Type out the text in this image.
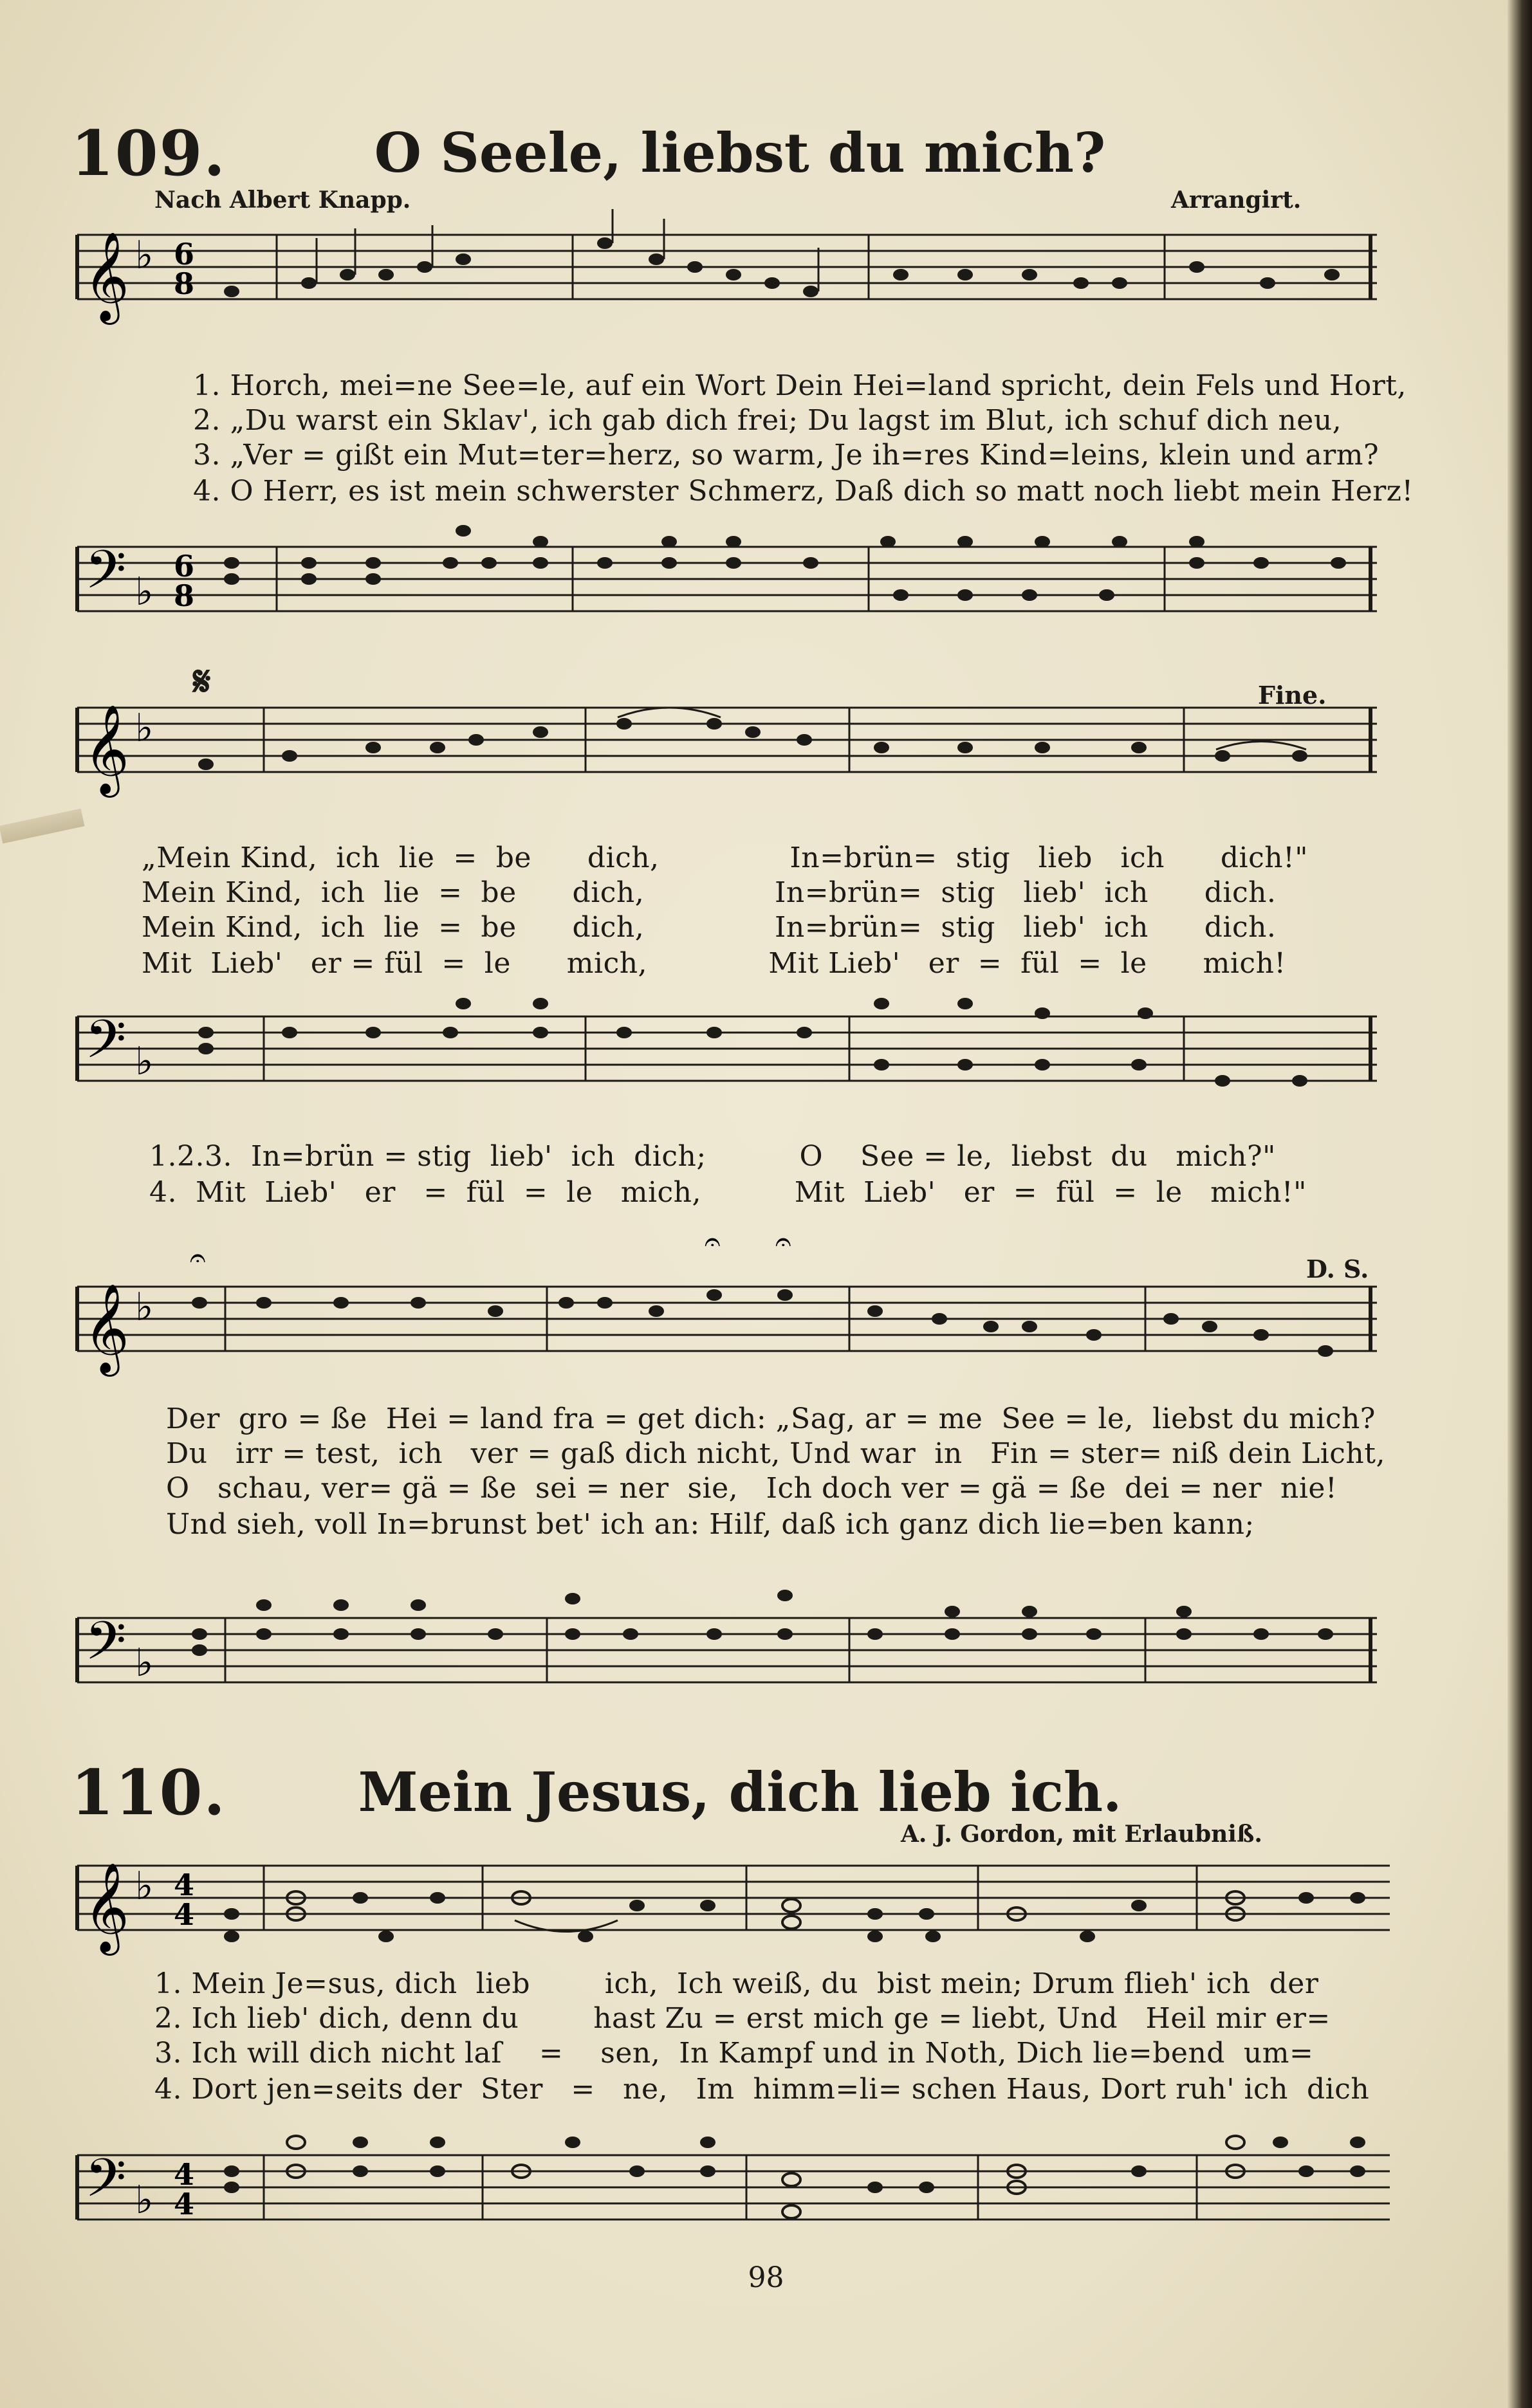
109.	O Seele, liebst du mich?
Nach Albert Knapp.	Arrangirt.
𝄞 ♭ 6
8
1. Horch, mei=ne See=le, auf ein Wort Dein Hei=land spricht, dein Fels und Hort,
2. „Du warst ein Sklav', ich gab dich frei; Du lagst im Blut, ich schuf dich neu,
3. „Ver = gißt ein Mut=ter=herz, so warm, Je ih=res Kind=leins, klein und arm?
4. O Herr, es ist mein schwerster Schmerz, Daß dich so matt noch liebt mein Herz!
𝄢 ♭
6
8
𝄋	Fine.
𝄞 ♭
„Mein Kind,  ich  lie  =  be      dich,              In=brün=  stig   lieb   ich      dich!"
Mein Kind,  ich  lie  =  be      dich,              In=brün=  stig   lieb'  ich      dich.
Mein Kind,  ich  lie  =  be      dich,              In=brün=  stig   lieb'  ich      dich.
Mit  Lieb'   er = fül  =  le      mich,             Mit Lieb'   er  =  fül  =  le      mich!
𝄢 ♭
1.2.3.  In=brün = stig  lieb'  ich  dich;          O    See = le,  liebst  du   mich?"
4.  Mit  Lieb'   er   =  fül  =  le   mich,          Mit  Lieb'   er  =  fül  =  le   mich!"
D. S.
𝄞 ♭
𝄐	𝄐 𝄐
Der  gro = ße  Hei = land fra = get dich: „Sag, ar = me  See = le,  liebst du mich?
Du   irr = test,  ich   ver = gaß dich nicht, Und war  in   Fin = ster= niß dein Licht,
O   schau, ver= gä = ße  sei = ner  sie,   Ich doch ver = gä = ße  dei = ner  nie!
Und sieh, voll In=brunst bet' ich an: Hilf, daß ich ganz dich lie=ben kann;
𝄢 ♭
110.	Mein Jesus, dich lieb ich.
A. J. Gordon, mit Erlaubniß.
𝄞 ♭ 4
4
1. Mein Je=sus, dich  lieb        ich,  Ich weiß, du  bist mein; Drum flieh' ich  der
2. Ich lieb' dich, denn du        hast Zu = erst mich ge = liebt, Und   Heil mir er=
3. Ich will dich nicht laſ    =    sen,  In Kampf und in Noth, Dich lie=bend  um=
4. Dort jen=seits der  Ster   =   ne,   Im  himm=li= schen Haus, Dort ruh' ich  dich
𝄢 ♭
4
4
98
